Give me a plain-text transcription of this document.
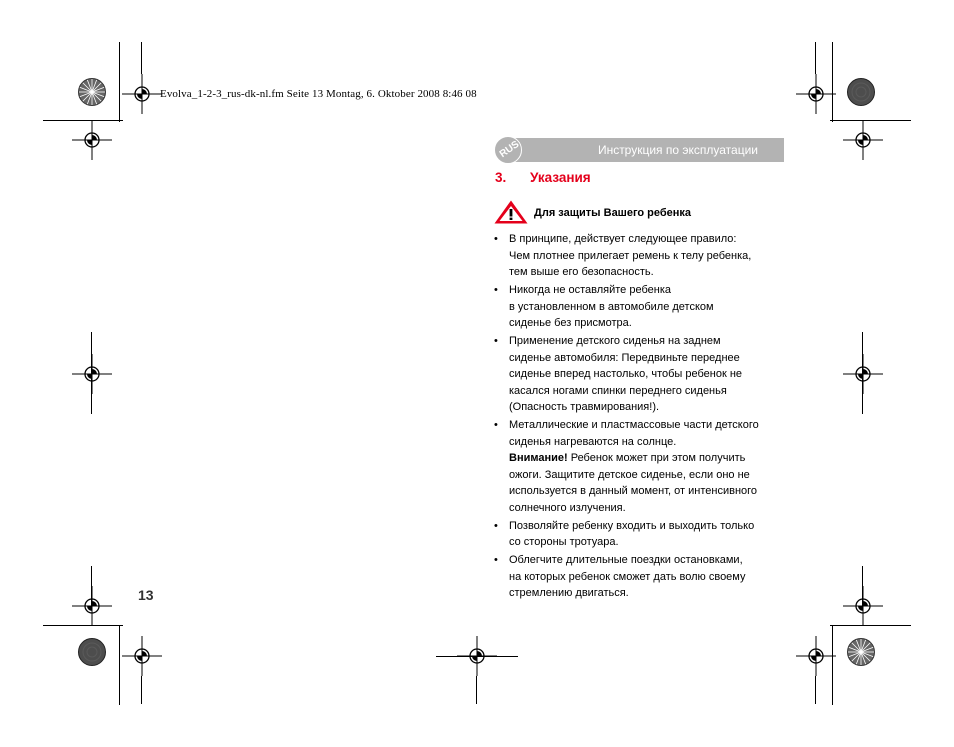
Evolva_1-2-3_rus-dk-nl.fm Seite 13 Montag, 6. Oktober 2008 8:46 08
Инструкция по эксплуатации
RUS
3. Указания
Для защиты Вашего ребенка
• В принципе, действует следующее правило:
Чем плотнее прилегает ремень к телу ребенка,
тем выше его безопасность.
• Никогда не оставляйте ребенка
в установленном в автомобиле детском
сиденье без присмотра.
• Применение детского сиденья на заднем
сиденье автомобиля: Передвиньте переднее
сиденье вперед настолько, чтобы ребенок не
касался ногами спинки переднего сиденья
(Опасность травмирования!).
• Металлические и пластмассовые части детского
сиденья нагреваются на солнце.
Внимание! Ребенок может при этом получить
ожоги. Защитите детское сиденье, если оно не
используется в данный момент, от интенсивного
солнечного излучения.
• Позволяйте ребенку входить и выходить только
со стороны тротуара.
• Облегчите длительные поездки остановками,
на которых ребенок сможет дать волю своему
стремлению двигаться.
13
